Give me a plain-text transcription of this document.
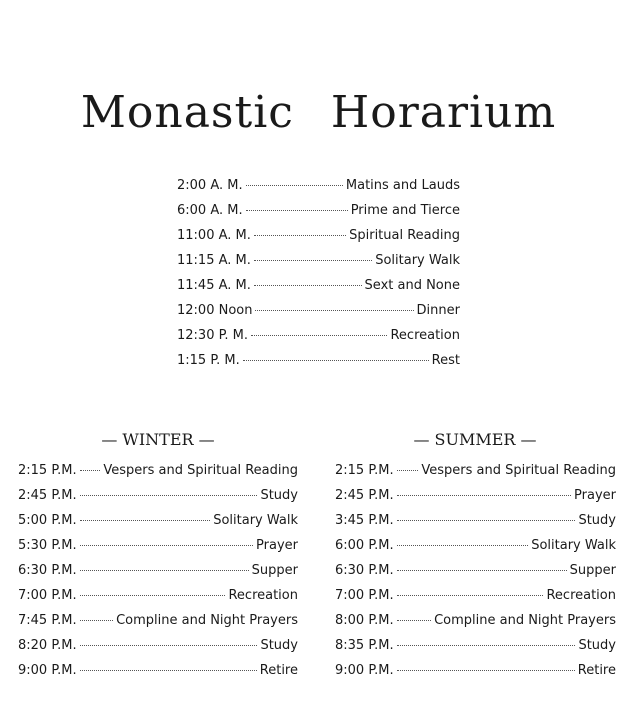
Monastic Horarium
2:00 A. M.	Matins and Lauds
6:00 A. M.	Prime and Tierce
11:00 A. M.	Spiritual Reading
11:15 A. M.	Solitary Walk
11:45 A. M.	Sext and None
12:00 Noon	Dinner
12:30 P. M.	Recreation
1:15 P. M.	Rest
— WINTER —
2:15 P.M. Vespers and Spiritual Reading
2:45 P.M.	Study
5:00 P.M.	Solitary Walk
5:30 P.M.	Prayer
6:30 P.M.	Supper
7:00 P.M.	Recreation
7:45 P.M.	Compline and Night Prayers
8:20 P.M.	Study
9:00 P.M.	Retire
— SUMMER —
2:15 P.M. Vespers and Spiritual Reading
2:45 P.M.	Prayer
3:45 P.M.	Study
6:00 P.M.	Solitary Walk
6:30 P.M.	Supper
7:00 P.M.	Recreation
8:00 P.M.	Compline and Night Prayers
8:35 P.M.	Study
9:00 P.M.	Retire
